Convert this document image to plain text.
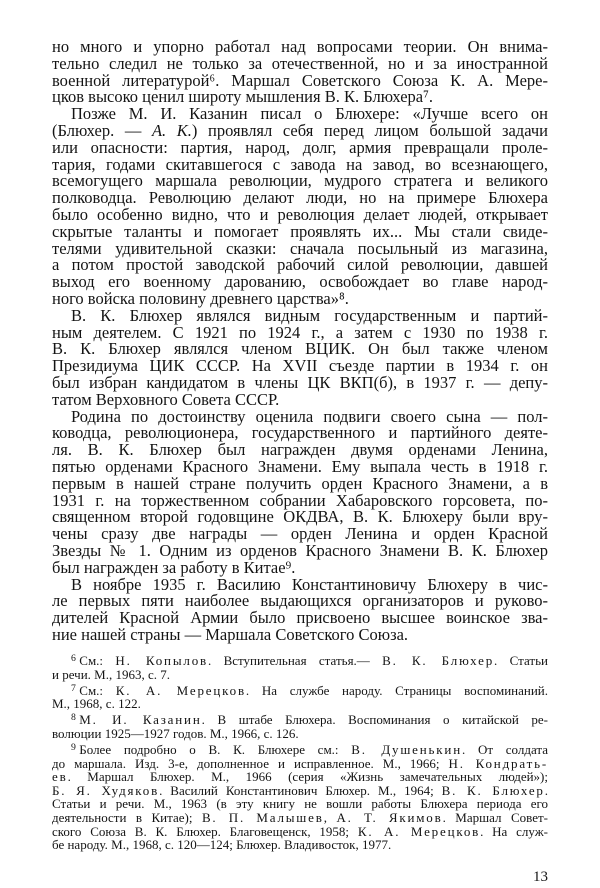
но много и упорно работал над вопросами теории. Он внима-
тельно следил не только за отечественной, но и за иностранной
военной литературой⁶. Маршал Советского Союза К. А. Мере-
цков высоко ценил широту мышления В. К. Блюхера⁷.
Позже М. И. Казанин писал о Блюхере: «Лучше всего он
(Блюхер. — А. К.) проявлял себя перед лицом большой задачи
или опасности: партия, народ, долг, армия превращали проле-
тария, годами скитавшегося с завода на завод, во всезнающего,
всемогущего маршала революции, мудрого стратега и великого
полководца. Революцию делают люди, но на примере Блюхера
было особенно видно, что и революция делает людей, открывает
скрытые таланты и помогает проявлять их... Мы стали свиде-
телями удивительной сказки: сначала посыльный из магазина,
а потом простой заводской рабочий силой революции, давшей
выход его военному дарованию, освобождает во главе народ-
ного войска половину древнего царства»⁸.
В. К. Блюхер являлся видным государственным и партий-
ным деятелем. С 1921 по 1924 г., а затем с 1930 по 1938 г.
В. К. Блюхер являлся членом ВЦИК. Он был также членом
Президиума ЦИК СССР. На XVII съезде партии в 1934 г. он
был избран кандидатом в члены ЦК ВКП(б), в 1937 г. — депу-
татом Верховного Совета СССР.
Родина по достоинству оценила подвиги своего сына — пол-
ководца, революционера, государственного и партийного деяте-
ля. В. К. Блюхер был награжден двумя орденами Ленина,
пятью орденами Красного Знамени. Ему выпала честь в 1918 г.
первым в нашей стране получить орден Красного Знамени, а в
1931 г. на торжественном собрании Хабаровского горсовета, по-
священном второй годовщине ОКДВА, В. К. Блюхеру были вру-
чены сразу две награды — орден Ленина и орден Красной
Звезды № 1. Одним из орденов Красного Знамени В. К. Блюхер
был награжден за работу в Китае⁹.
В ноябре 1935 г. Василию Константиновичу Блюхеру в чис-
ле первых пяти наиболее выдающихся организаторов и руково-
дителей Красной Армии было присвоено высшее воинское зва-
ние нашей страны — Маршала Советского Союза.
$^6$ См.: Н. Копылов. Вступительная статья.— В. К. Блюхер. Статьи
и речи. М., 1963, с. 7.
$^7$ См.: К. А. Мерецков. На службе народу. Страницы воспоминаний.
М., 1968, с. 122.
$^8$ М. И. Казанин. В штабе Блюхера. Воспоминания о китайской ре-
волюции 1925—1927 годов. М., 1966, с. 126.
$^9$ Более подробно о В. К. Блюхере см.: В. Душенькин. От солдата
до маршала. Изд. 3-е, дополненное и исправленное. М., 1966; Н. Кондрать-
ев. Маршал Блюхер. М., 1966 (серия «Жизнь замечательных людей»);
Б. Я. Худяков. Василий Константинович Блюхер. М., 1964; В. К. Блюхер.
Статьи и речи. М., 1963 (в эту книгу не вошли работы Блюхера периода его
деятельности в Китае); В. П. Малышев, А. Т. Якимов. Маршал Совет-
ского Союза В. К. Блюхер. Благовещенск, 1958; К. А. Мерецков. На служ-
бе народу. М., 1968, с. 120—124; Блюхер. Владивосток, 1977.
13
